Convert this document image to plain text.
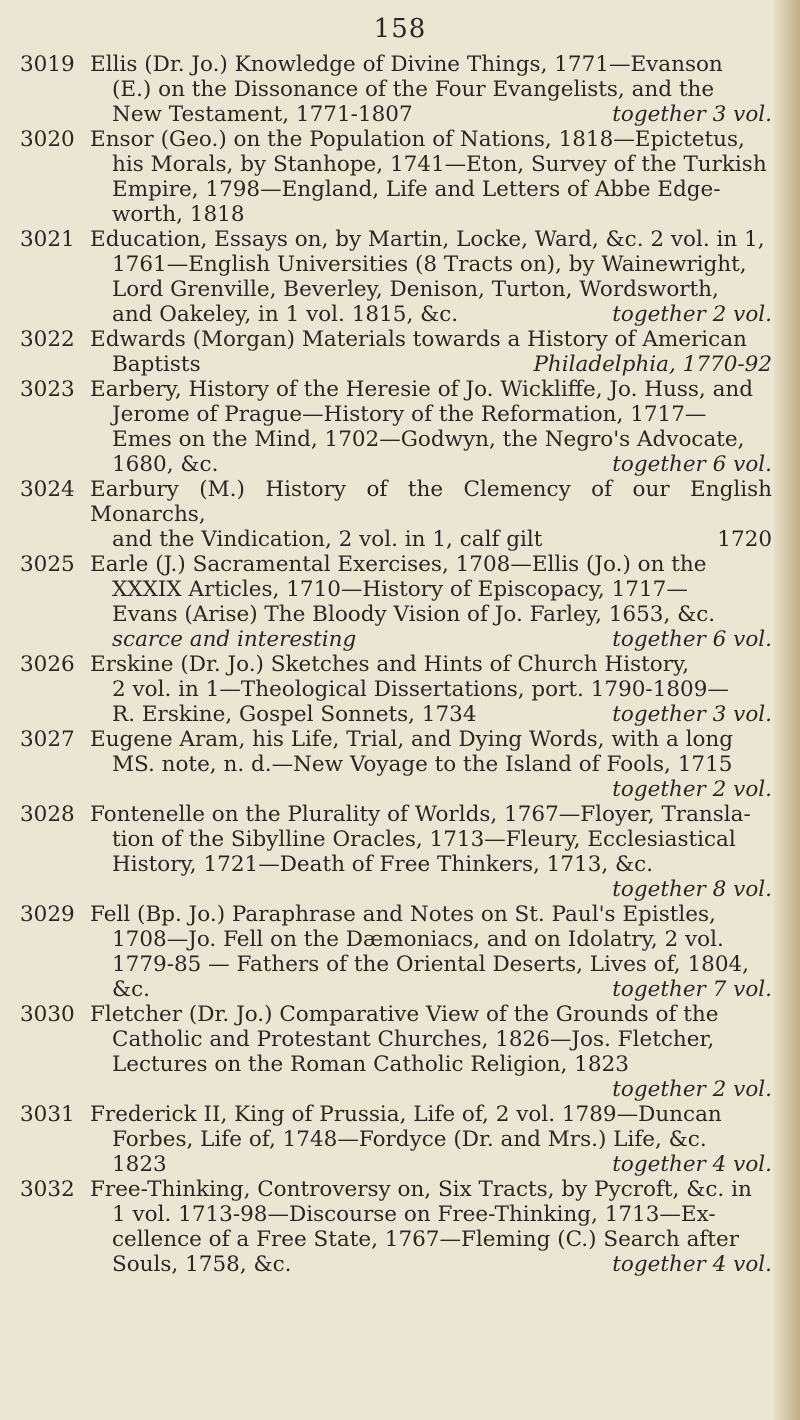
158
3019 Ellis (Dr. Jo.) Knowledge of Divine Things, 1771—Evanson
(E.) on the Dissonance of the Four Evangelists, and the
New Testament, 1771-1807	together 3 vol.
3020 Ensor (Geo.) on the Population of Nations, 1818—Epictetus,
his Morals, by Stanhope, 1741—Eton, Survey of the Turkish
Empire, 1798—England, Life and Letters of Abbe Edge-
worth, 1818
3021 Education, Essays on, by Martin, Locke, Ward, &c. 2 vol. in 1,
1761—English Universities (8 Tracts on), by Wainewright,
Lord Grenville, Beverley, Denison, Turton, Wordsworth,
and Oakeley, in 1 vol. 1815, &c.	together 2 vol.
3022 Edwards (Morgan) Materials towards a History of American
Baptists	Philadelphia, 1770-92
3023 Earbery, History of the Heresie of Jo. Wickliffe, Jo. Huss, and
Jerome of Prague—History of the Reformation, 1717—
Emes on the Mind, 1702—Godwyn, the Negro's Advocate,
1680, &c.	together 6 vol.
3024 Earbury (M.) History of the Clemency of our English Monarchs,
and the Vindication, 2 vol. in 1, calf gilt	1720
3025 Earle (J.) Sacramental Exercises, 1708—Ellis (Jo.) on the
XXXIX Articles, 1710—History of Episcopacy, 1717—
Evans (Arise) The Bloody Vision of Jo. Farley, 1653, &c.
scarce and interesting	together 6 vol.
3026 Erskine (Dr. Jo.) Sketches and Hints of Church History,
2 vol. in 1—Theological Dissertations, port. 1790-1809—
R. Erskine, Gospel Sonnets, 1734	together 3 vol.
3027 Eugene Aram, his Life, Trial, and Dying Words, with a long
MS. note, n. d.—New Voyage to the Island of Fools, 1715
together 2 vol.
3028 Fontenelle on the Plurality of Worlds, 1767—Floyer, Transla-
tion of the Sibylline Oracles, 1713—Fleury, Ecclesiastical
History, 1721—Death of Free Thinkers, 1713, &c.
together 8 vol.
3029 Fell (Bp. Jo.) Paraphrase and Notes on St. Paul's Epistles,
1708—Jo. Fell on the Dæmoniacs, and on Idolatry, 2 vol.
1779-85 — Fathers of the Oriental Deserts, Lives of, 1804,
&c.	together 7 vol.
3030 Fletcher (Dr. Jo.) Comparative View of the Grounds of the
Catholic and Protestant Churches, 1826—Jos. Fletcher,
Lectures on the Roman Catholic Religion, 1823
together 2 vol.
3031 Frederick II, King of Prussia, Life of, 2 vol. 1789—Duncan
Forbes, Life of, 1748—Fordyce (Dr. and Mrs.) Life, &c.
1823	together 4 vol.
3032 Free-Thinking, Controversy on, Six Tracts, by Pycroft, &c. in
1 vol. 1713-98—Discourse on Free-Thinking, 1713—Ex-
cellence of a Free State, 1767—Fleming (C.) Search after
Souls, 1758, &c.	together 4 vol.
